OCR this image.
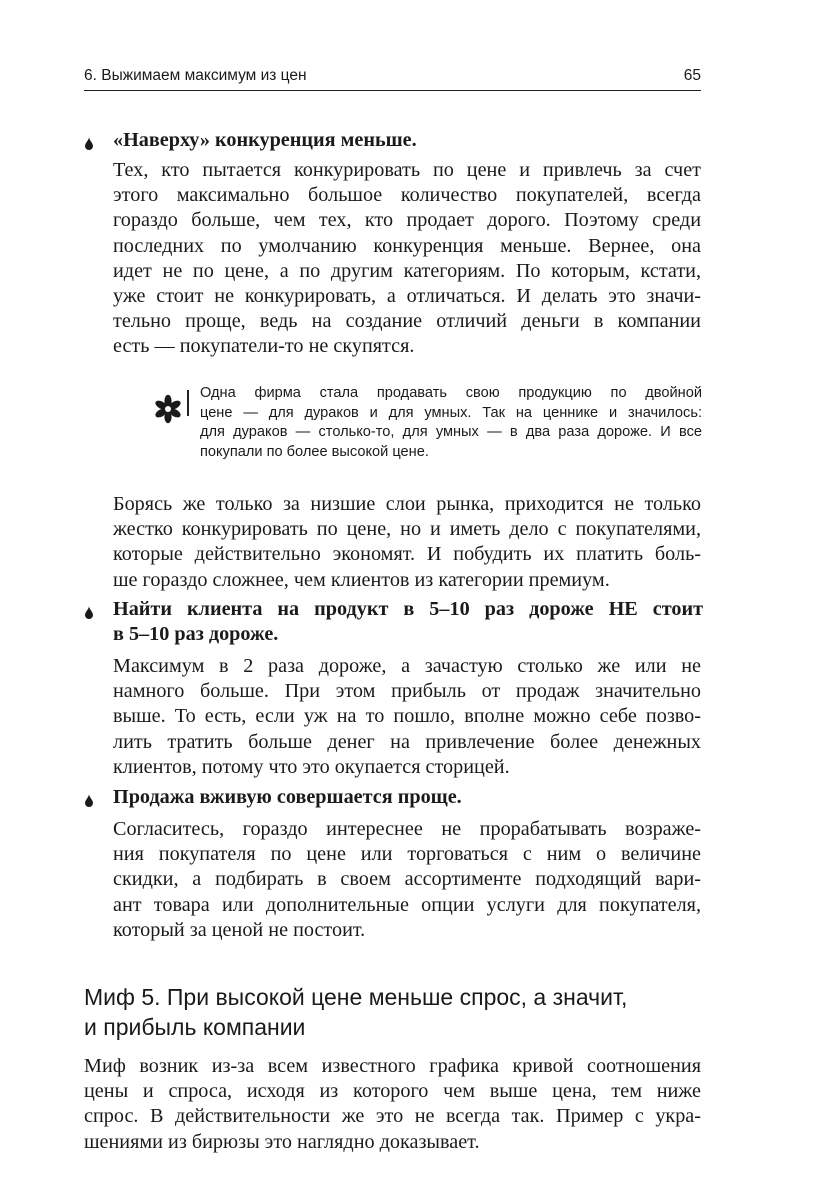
6. Выжимаем максимум из цен	65
«Наверху» конкуренция меньше.
Тех, кто пытается конкурировать по цене и привлечь за счет
этого максимально большое количество покупателей, всегда
гораздо больше, чем тех, кто продает дорого. Поэтому среди
последних по умолчанию конкуренция меньше. Вернее, она
идет не по цене, а по другим категориям. По которым, кстати,
уже стоит не конкурировать, а отличаться. И делать это значи-
тельно проще, ведь на создание отличий деньги в компании
есть — покупатели-то не скупятся.
Одна фирма стала продавать свою продукцию по двойной
цене — для дураков и для умных. Так на ценнике и значилось:
для дураков — столько-то, для умных — в два раза дороже. И все
покупали по более высокой цене.
Борясь же только за низшие слои рынка, приходится не только
жестко конкурировать по цене, но и иметь дело с покупателями,
которые действительно экономят. И побудить их платить боль-
ше гораздо сложнее, чем клиентов из категории премиум.
Найти клиента на продукт в 5–10 раз дороже НЕ стоит
в 5–10 раз дороже.
Максимум в 2 раза дороже, а зачастую столько же или не
намного больше. При этом прибыль от продаж значительно
выше. То есть, если уж на то пошло, вполне можно себе позво-
лить тратить больше денег на привлечение более денежных
клиентов, потому что это окупается сторицей.
Продажа вживую совершается проще.
Согласитесь, гораздо интереснее не прорабатывать возраже-
ния покупателя по цене или торговаться с ним о величине
скидки, а подбирать в своем ассортименте подходящий вари-
ант товара или дополнительные опции услуги для покупателя,
который за ценой не постоит.
Миф 5. При высокой цене меньше спрос, а значит,
и прибыль компании
Миф возник из-за всем известного графика кривой соотношения
цены и спроса, исходя из которого чем выше цена, тем ниже
спрос. В действительности же это не всегда так. Пример с укра-
шениями из бирюзы это наглядно доказывает.
